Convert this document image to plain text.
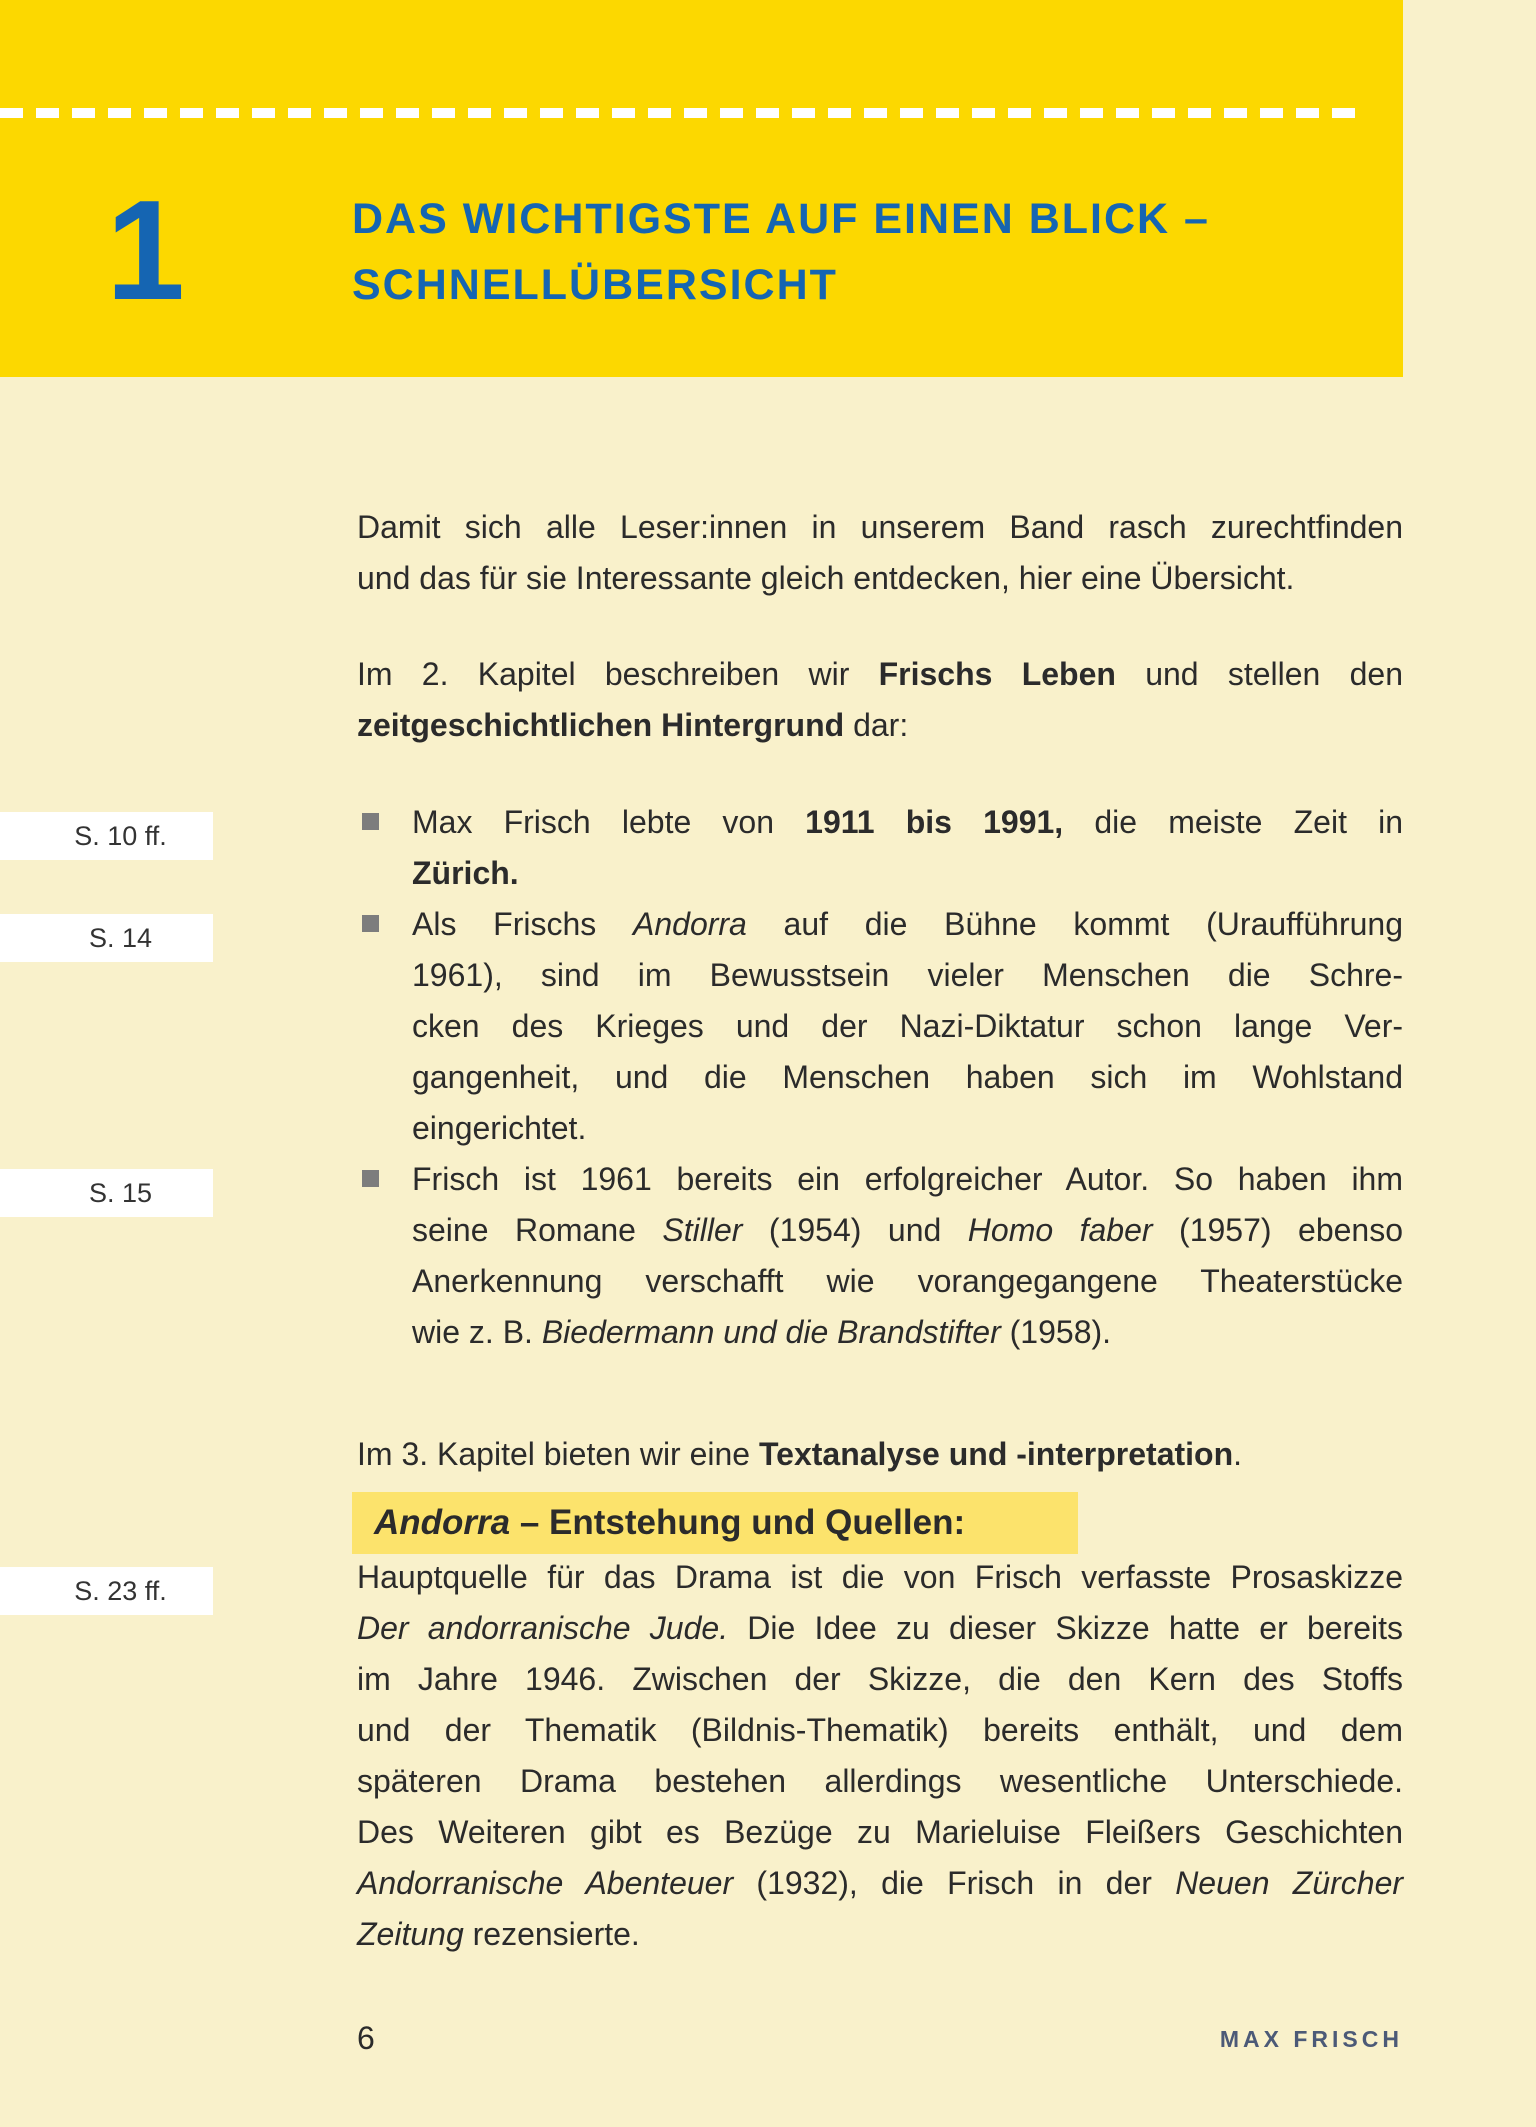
1	DAS WICHTIGSTE AUF EINEN BLICK –
SCHNELLÜBERSICHT
S. 10 ff.
S. 14
S. 15
S. 23 ff.
Damit sich alle Leser:innen in unserem Band rasch zurechtfinden
und das für sie Interessante gleich entdecken, hier eine Übersicht.
Im 2. Kapitel beschreiben wir Frischs Leben und stellen den
zeitgeschichtlichen Hintergrund dar:
Max Frisch lebte von 1911 bis 1991, die meiste Zeit in
Zürich.
Als Frischs Andorra auf die Bühne kommt (Uraufführung
1961), sind im Bewusstsein vieler Menschen die Schre-
cken des Krieges und der Nazi-Diktatur schon lange Ver-
gangenheit, und die Menschen haben sich im Wohlstand
eingerichtet.
Frisch ist 1961 bereits ein erfolgreicher Autor. So haben ihm
seine Romane Stiller (1954) und Homo faber (1957) ebenso
Anerkennung verschafft wie vorangegangene Theaterstücke
wie z. B. Biedermann und die Brandstifter (1958).
Im 3. Kapitel bieten wir eine Textanalyse und -interpretation.
Andorra – Entstehung und Quellen:
Hauptquelle für das Drama ist die von Frisch verfasste Prosaskizze
Der andorranische Jude. Die Idee zu dieser Skizze hatte er bereits
im Jahre 1946. Zwischen der Skizze, die den Kern des Stoffs
und der Thematik (Bildnis-Thematik) bereits enthält, und dem
späteren Drama bestehen allerdings wesentliche Unterschiede.
Des Weiteren gibt es Bezüge zu Marieluise Fleißers Geschichten
Andorranische Abenteuer (1932), die Frisch in der Neuen Zürcher
Zeitung rezensierte.
6	MAX FRISCH
